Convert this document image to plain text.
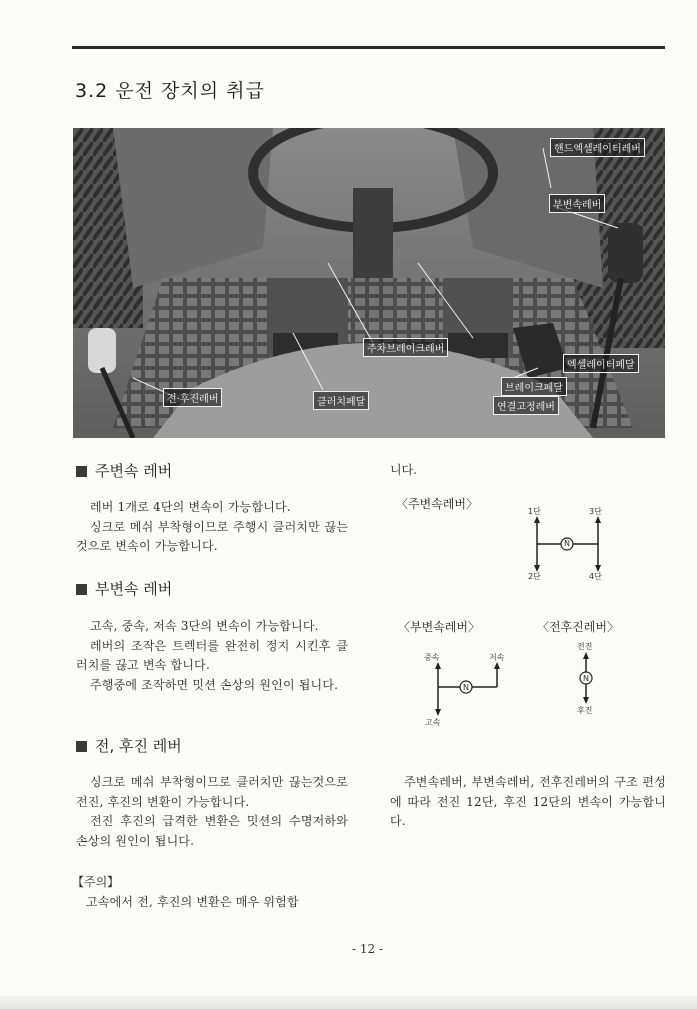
3.2 운전 장치의 취급
핸드엑셀레이터레버
부변속레버
주차브레이크레버
엑셀레이터페달
전·후진레버	클러치페달
브레이크페달
연결고정레버
주변속 레버

레버 1개로 4단의 변속이 가능합니다.

싱크로 메쉬 부착형이므로 주행시 클러치만 끊는것으로 변속이 가능합니다.

부변속 레버

고속, 중속, 저속 3단의 변속이 가능합니다.

레버의 조작은 트렉터를 완전히 정지 시킨후 클러치를 끊고 변속 합니다.

주행중에 조작하면 밋션 손상의 원인이 됩니다.

전, 후진 레버

싱크로 메쉬 부착형이므로 클러치만 끊는것으로 전진, 후진의 변환이 가능합니다.

전진 후진의 급격한 변환은 밋션의 수명저하와 손상의 원인이 됩니다.

【주의】

고속에서 전, 후진의 변환은 매우 위험합

니다.
〈주변속레버〉
1단	3단
2단	4단
N
〈부변속레버〉
중속	저속
고속
N
〈전후진레버〉
전진
후진
N

주변속레버, 부변속레버, 전후진레버의 구조 편성에 따라 전진 12단, 후진 12단의 변속이 가능합니다.

- 12 -
